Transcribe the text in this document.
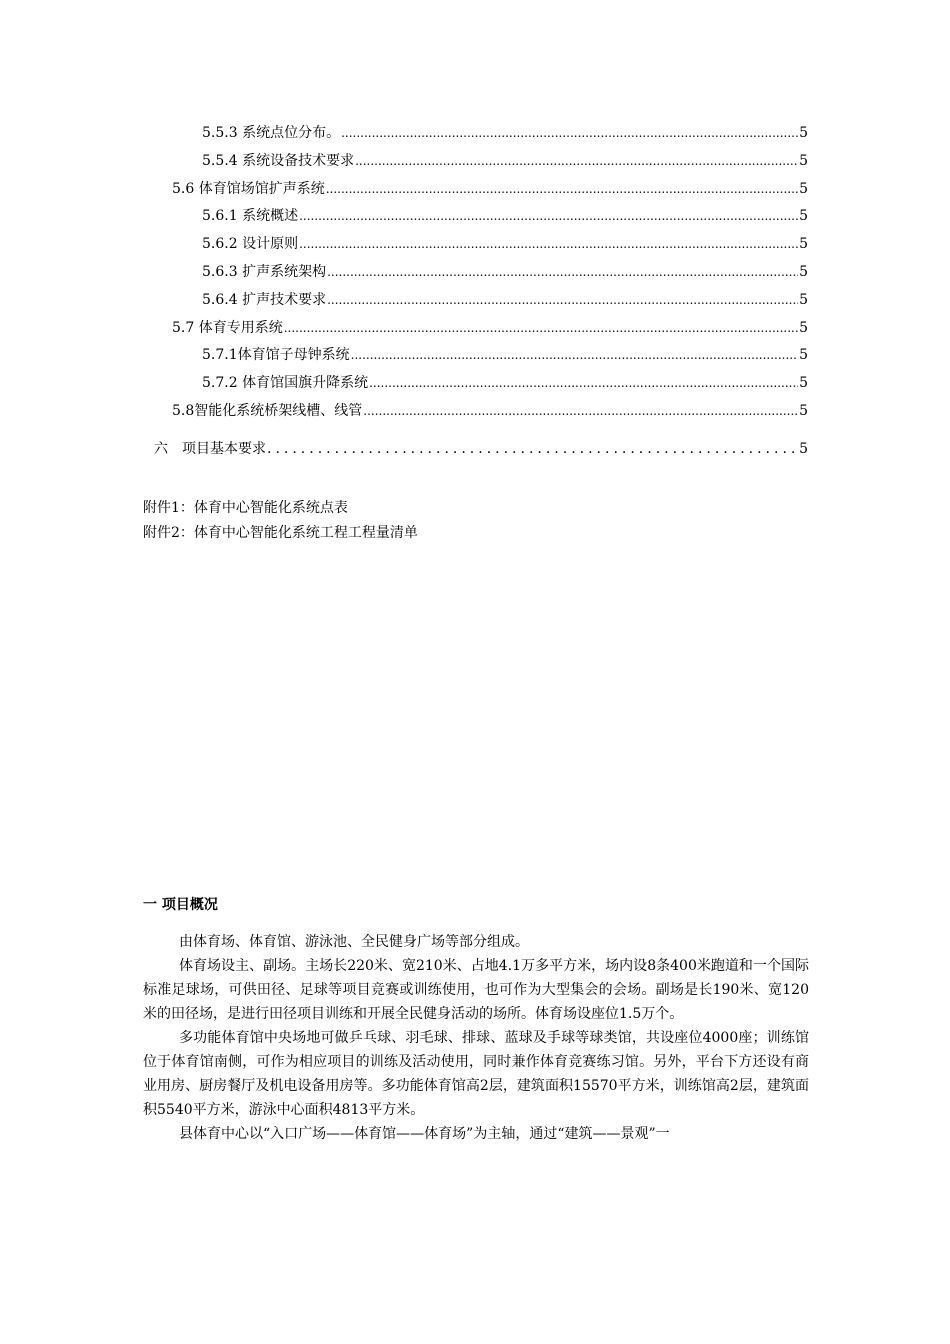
5.5.3 系统点位分布。 .....	5
5.5.4 系统设备技术要求 .....	5
5.6 体育馆场馆扩声系统 .....	5
5.6.1 系统概述 .....	5
5.6.2 设计原则 .....	5
5.6.3 扩声系统架构 .....	5
5.6.4 扩声技术要求 .....	5
5.7 体育专用系统 .....	5
5.7.1体育馆子母钟系统 .....	5
5.7.2 体育馆国旗升降系统 .....	5
5.8智能化系统桥架线槽、线管 .....	5
六　项目基本要求 .....	5
附件1：体育中心智能化系统点表
附件2：体育中心智能化系统工程工程量清单
一 项目概况

由体育场、体育馆、游泳池、全民健身广场等部分组成。

体育场设主、副场。主场长220米、宽210米、占地4.1万多平方米，场内设8条400米跑道和一个国际标准足球场，可供田径、足球等项目竞赛或训练使用，也可作为大型集会的会场。副场是长190米、宽120米的田径场，是进行田径项目训练和开展全民健身活动的场所。体育场设座位1.5万个。

多功能体育馆中央场地可做乒乓球、羽毛球、排球、蓝球及手球等球类馆，共设座位4000座；训练馆位于体育馆南侧，可作为相应项目的训练及活动使用，同时兼作体育竞赛练习馆。另外，平台下方还设有商业用房、厨房餐厅及机电设备用房等。多功能体育馆高2层，建筑面积15570平方米，训练馆高2层，建筑面积5540平方米，游泳中心面积4813平方米。

县体育中心以“入口广场——体育馆——体育场”为主轴，通过“建筑——景观”一
